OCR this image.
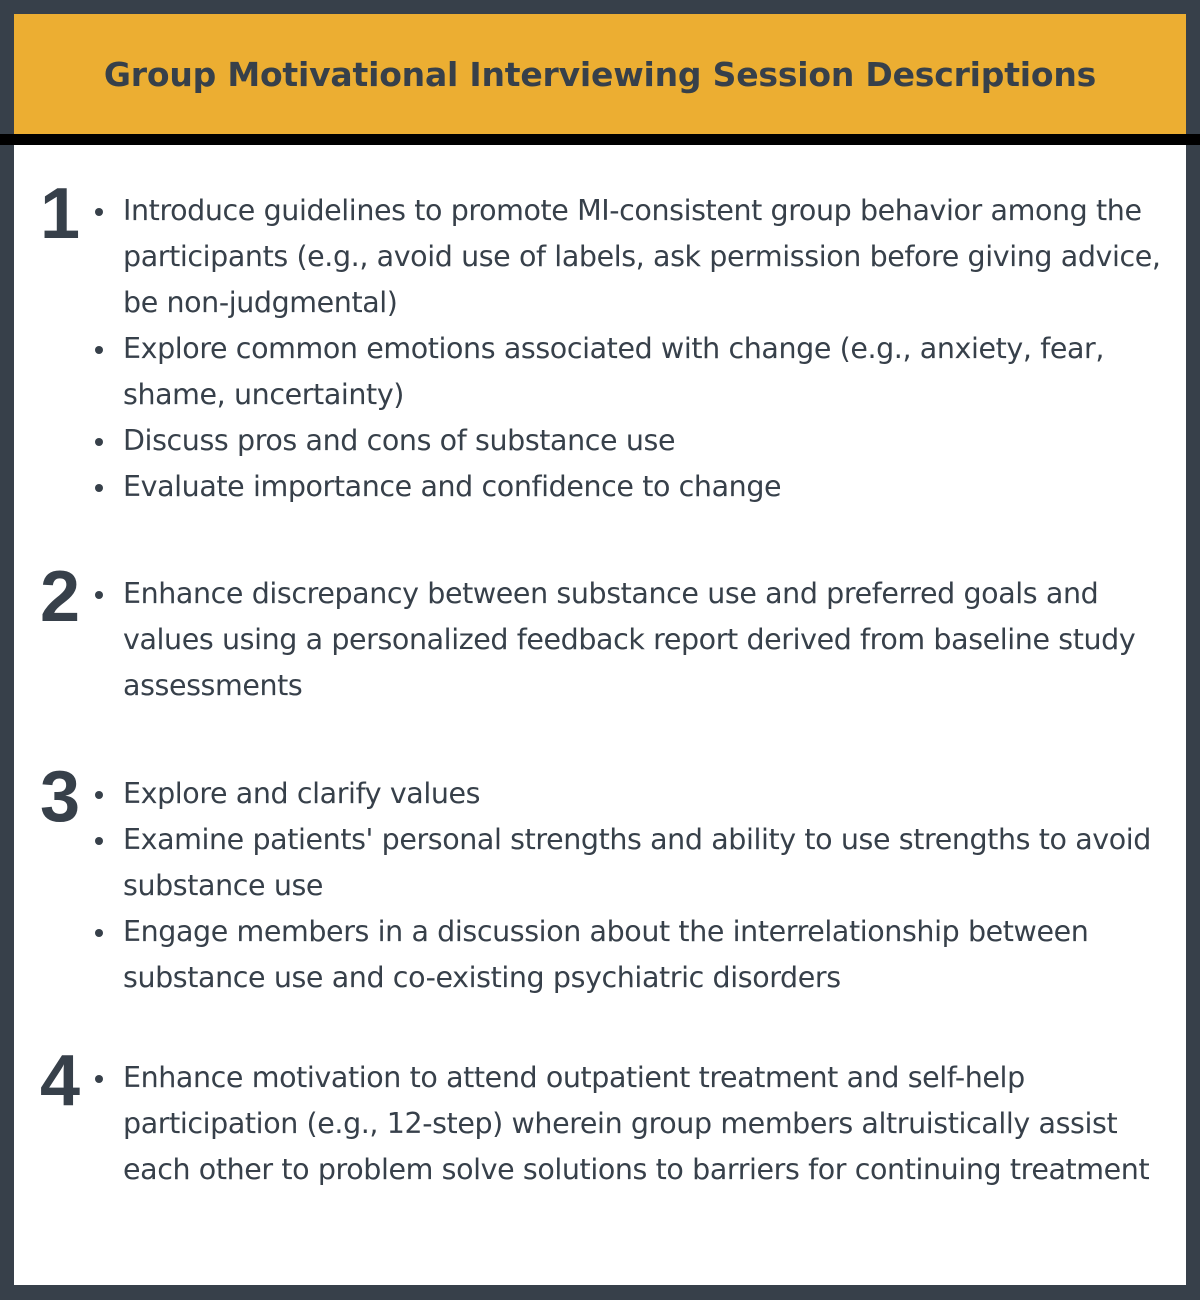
Group Motivational Interviewing Session Descriptions
1	Introduce guidelines to promote MI-consistent group behavior among the participants (e.g., avoid use of labels, ask permission before giving advice, be non-judgmental)
Explore common emotions associated with change (e.g., anxiety, fear, shame, uncertainty)
Discuss pros and cons of substance use
Evaluate importance and confidence to change
2	Enhance discrepancy between substance use and preferred goals and values using a personalized feedback report derived from baseline study assessments
3	Explore and clarify values
Examine patients' personal strengths and ability to use strengths to avoid substance use
Engage members in a discussion about the interrelationship between substance use and co-existing psychiatric disorders
4	Enhance motivation to attend outpatient treatment and self-help participation (e.g., 12-step) wherein group members altruistically assist each other to problem solve solutions to barriers for continuing treatment
